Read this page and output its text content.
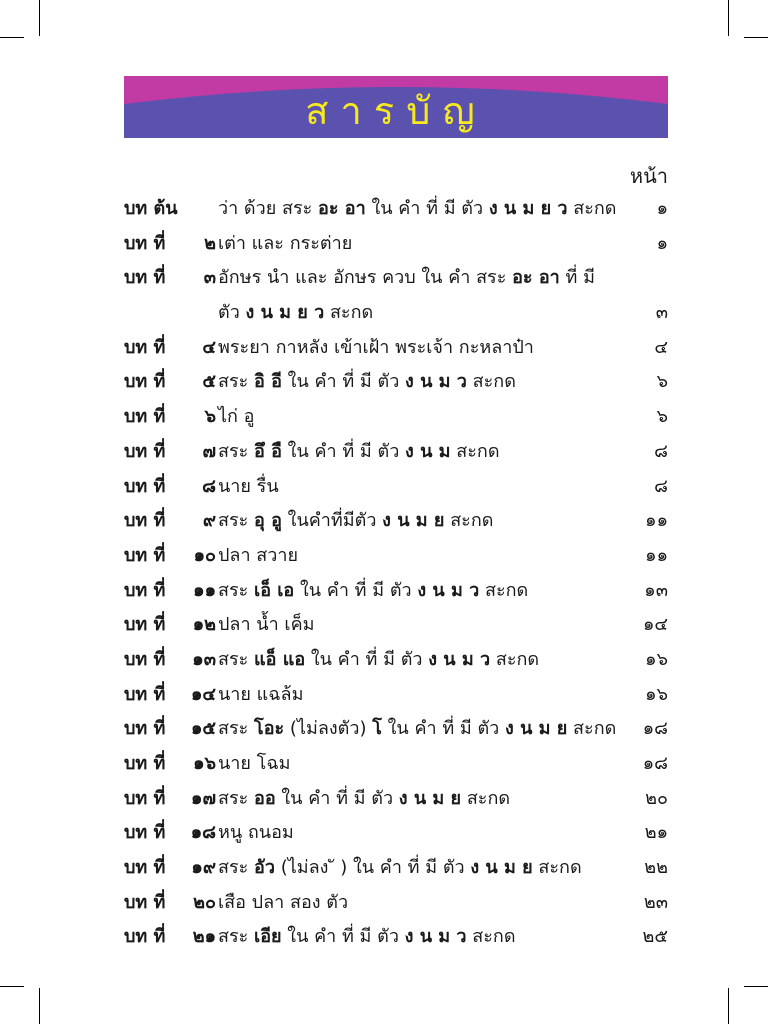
สารบัญ
หน้า
บท ต้น	ว่า ด้วย สระ อะ อา ใน คำ ที่ มี ตัว ง น ม ย ว สะกด ๑
บท ที่	๒ เต่า และ กระต่าย	๑
บท ที่	๓ อักษร นำ และ อักษร ควบ ใน คำ สระ อะ อา ที่ มี
ตัว ง น ม ย ว สะกด	๓
บท ที่	๔ พระยา กาหลัง เข้าเฝ้า พระเจ้า กะหลาป๋า	๔
บท ที่	๕ สระ อิ อี ใน คำ ที่ มี ตัว ง น ม ว สะกด	๖
บท ที่	๖ ไก่ อู	๖
บท ที่	๗ สระ อึ อื ใน คำ ที่ มี ตัว ง น ม สะกด	๘
บท ที่	๘ นาย รื่น	๘
บท ที่	๙ สระ อุ อู ในคำที่มีตัว ง น ม ย สะกด	๑๑
บท ที่	๑๐ ปลา สวาย	๑๑
บท ที่	๑๑ สระ เอ็ เอ ใน คำ ที่ มี ตัว ง น ม ว สะกด	๑๓
บท ที่	๑๒ ปลา น้ำ เค็ม	๑๔
บท ที่	๑๓ สระ แอ็ แอ ใน คำ ที่ มี ตัว ง น ม ว สะกด	๑๖
บท ที่	๑๔ นาย แฉล้ม	๑๖
บท ที่	๑๕ สระ โอะ (ไม่ลงตัว) โ ใน คำ ที่ มี ตัว ง น ม ย สะกด ๑๘
บท ที่	๑๖ นาย โฉม	๑๘
บท ที่	๑๗ สระ ออ ใน คำ ที่ มี ตัว ง น ม ย สะกด	๒๐
บท ที่	๑๘ หนู ถนอม	๒๑
บท ที่	๑๙ สระ อัว (ไม่ลง ั ) ใน คำ ที่ มี ตัว ง น ม ย สะกด	๒๒
บท ที่	๒๐ เสือ ปลา สอง ตัว	๒๓
บท ที่	๒๑ สระ เอีย ใน คำ ที่ มี ตัว ง น ม ว สะกด	๒๕
